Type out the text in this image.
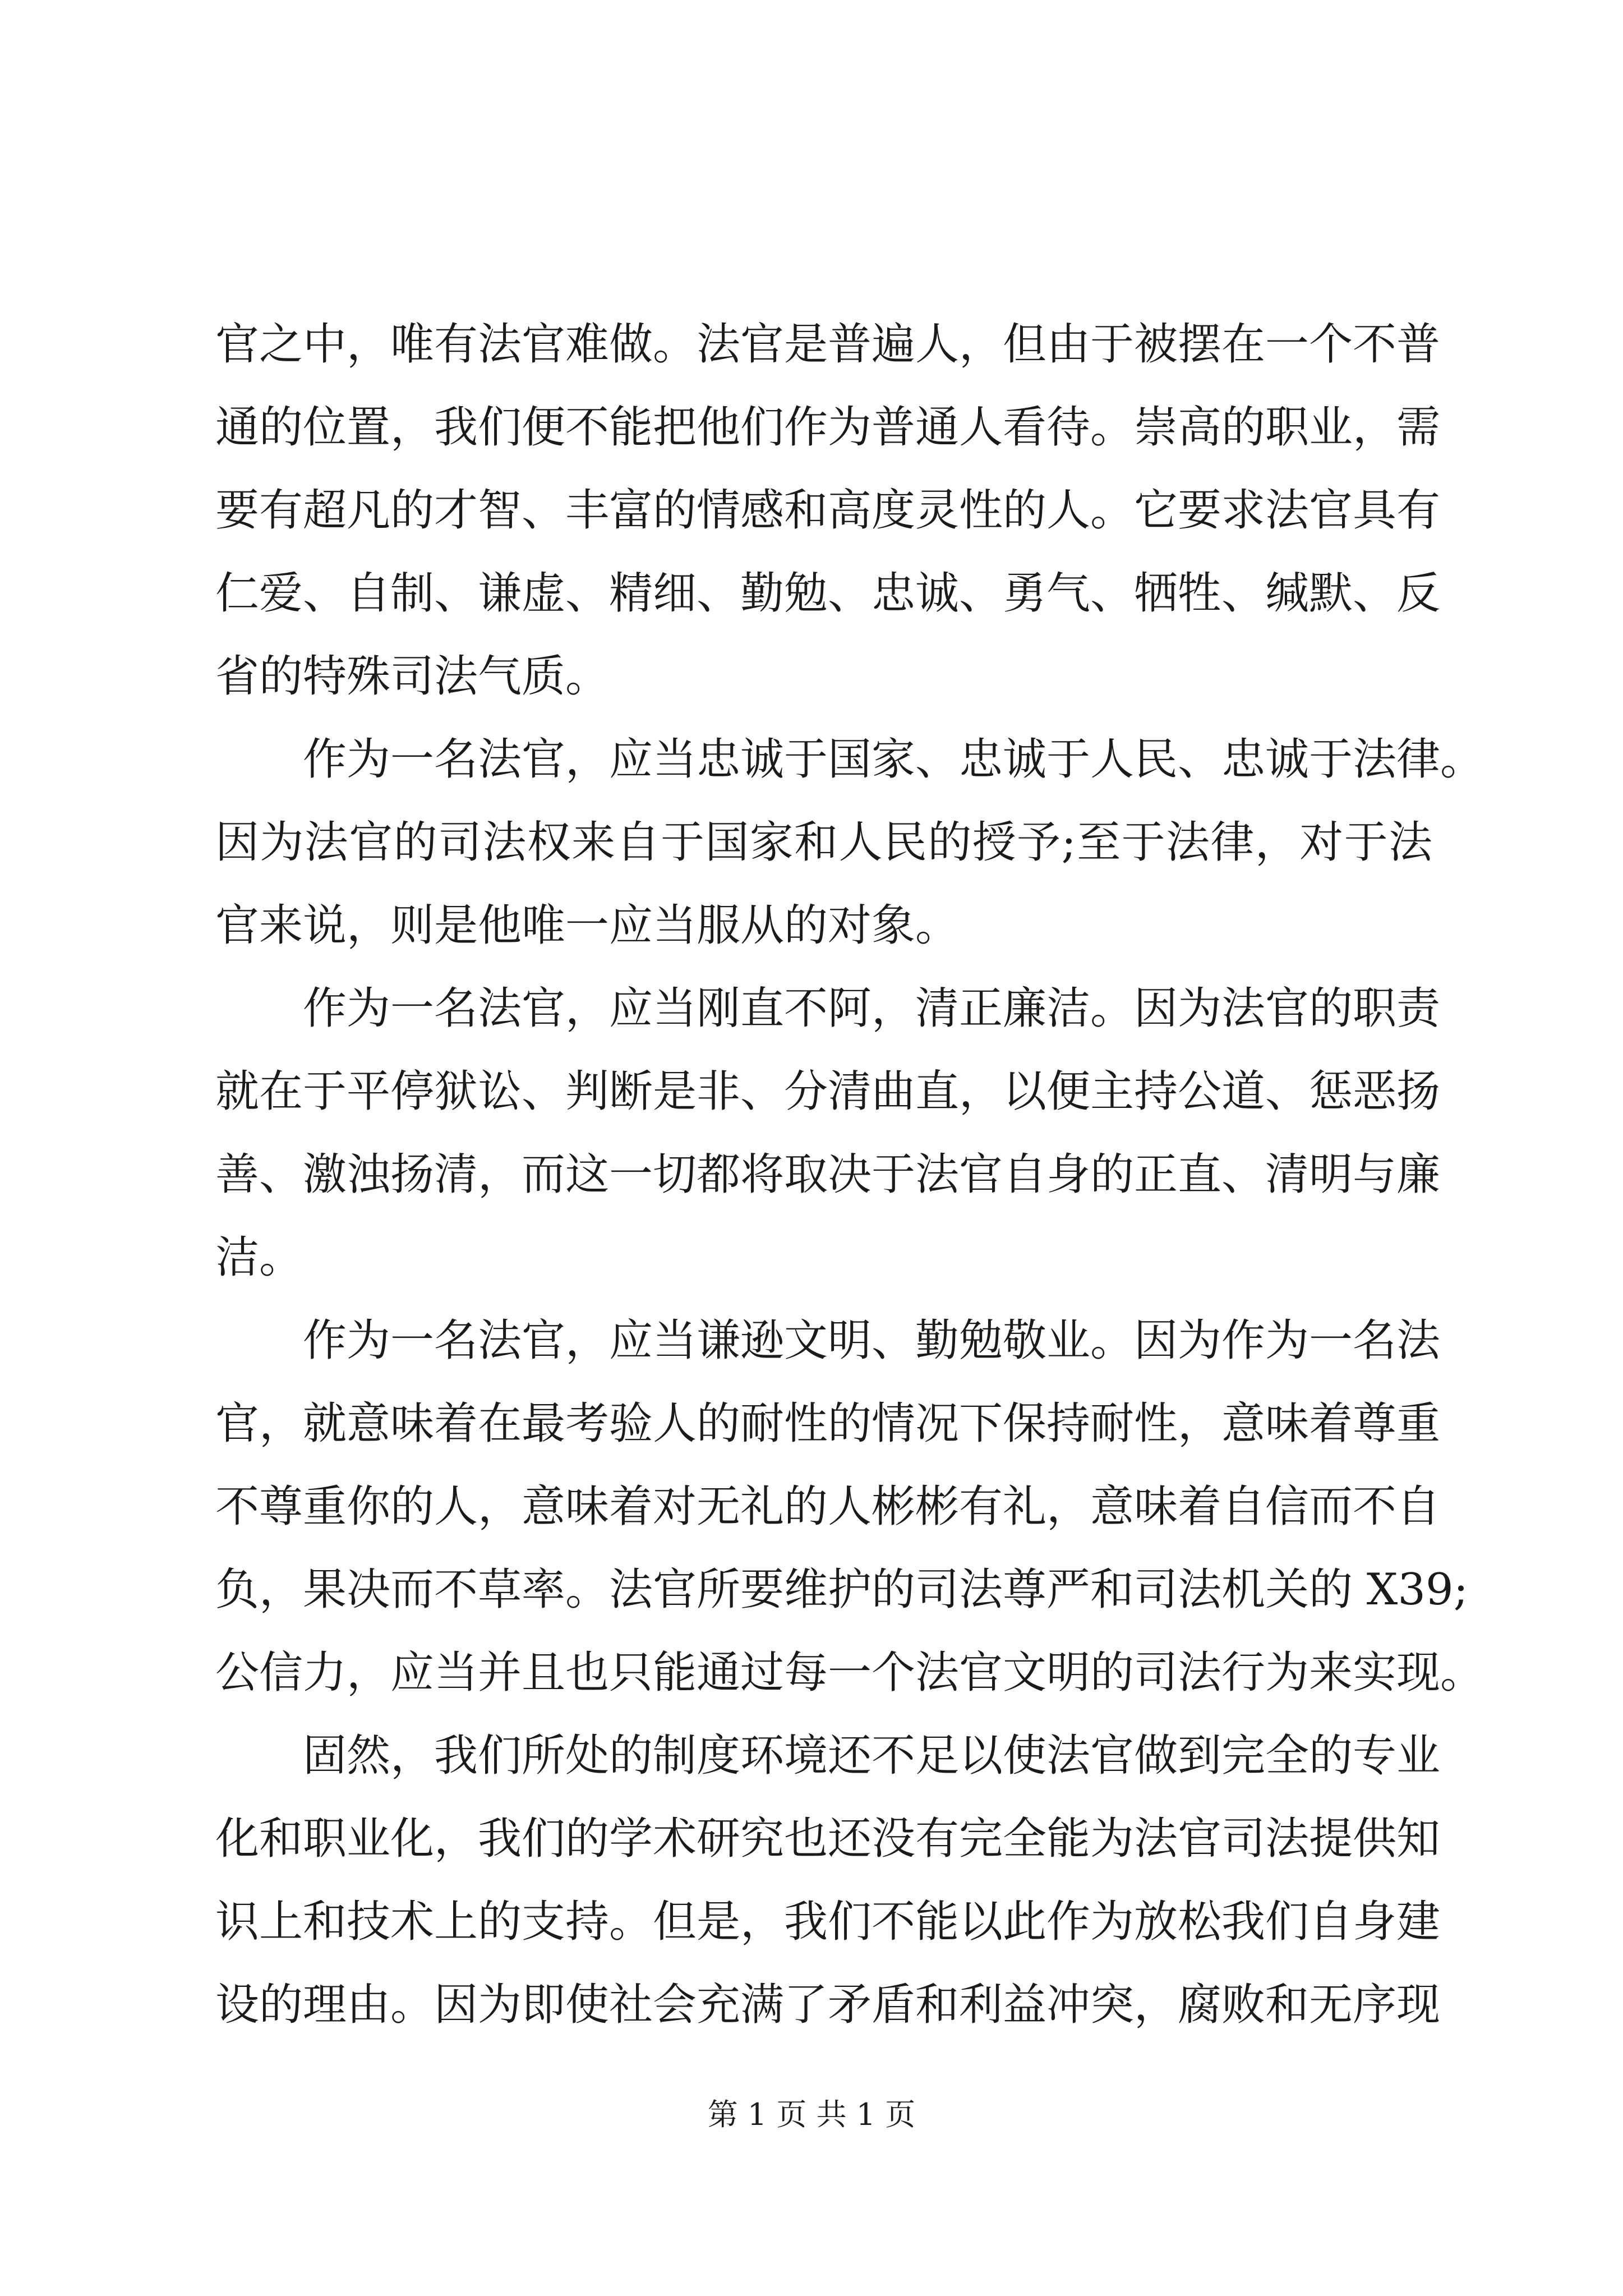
官之中，唯有法官难做。法官是普遍人，但由于被摆在一个不普
通的位置，我们便不能把他们作为普通人看待。崇高的职业，需
要有超凡的才智、丰富的情感和高度灵性的人。它要求法官具有
仁爱、自制、谦虚、精细、勤勉、忠诚、勇气、牺牲、缄默、反
省的特殊司法气质。
作为一名法官，应当忠诚于国家、忠诚于人民、忠诚于法律。
因为法官的司法权来自于国家和人民的授予;至于法律，对于法
官来说，则是他唯一应当服从的对象。
作为一名法官，应当刚直不阿，清正廉洁。因为法官的职责
就在于平停狱讼、判断是非、分清曲直，以便主持公道、惩恶扬
善、激浊扬清，而这一切都将取决于法官自身的正直、清明与廉
洁。
作为一名法官，应当谦逊文明、勤勉敬业。因为作为一名法
官，就意味着在最考验人的耐性的情况下保持耐性，意味着尊重
不尊重你的人，意味着对无礼的人彬彬有礼，意味着自信而不自
负，果决而不草率。法官所要维护的司法尊严和司法机关的 X39;
公信力，应当并且也只能通过每一个法官文明的司法行为来实现。
固然，我们所处的制度环境还不足以使法官做到完全的专业
化和职业化，我们的学术研究也还没有完全能为法官司法提供知
识上和技术上的支持。但是，我们不能以此作为放松我们自身建
设的理由。因为即使社会充满了矛盾和利益冲突，腐败和无序现
第 1 页 共 1 页
